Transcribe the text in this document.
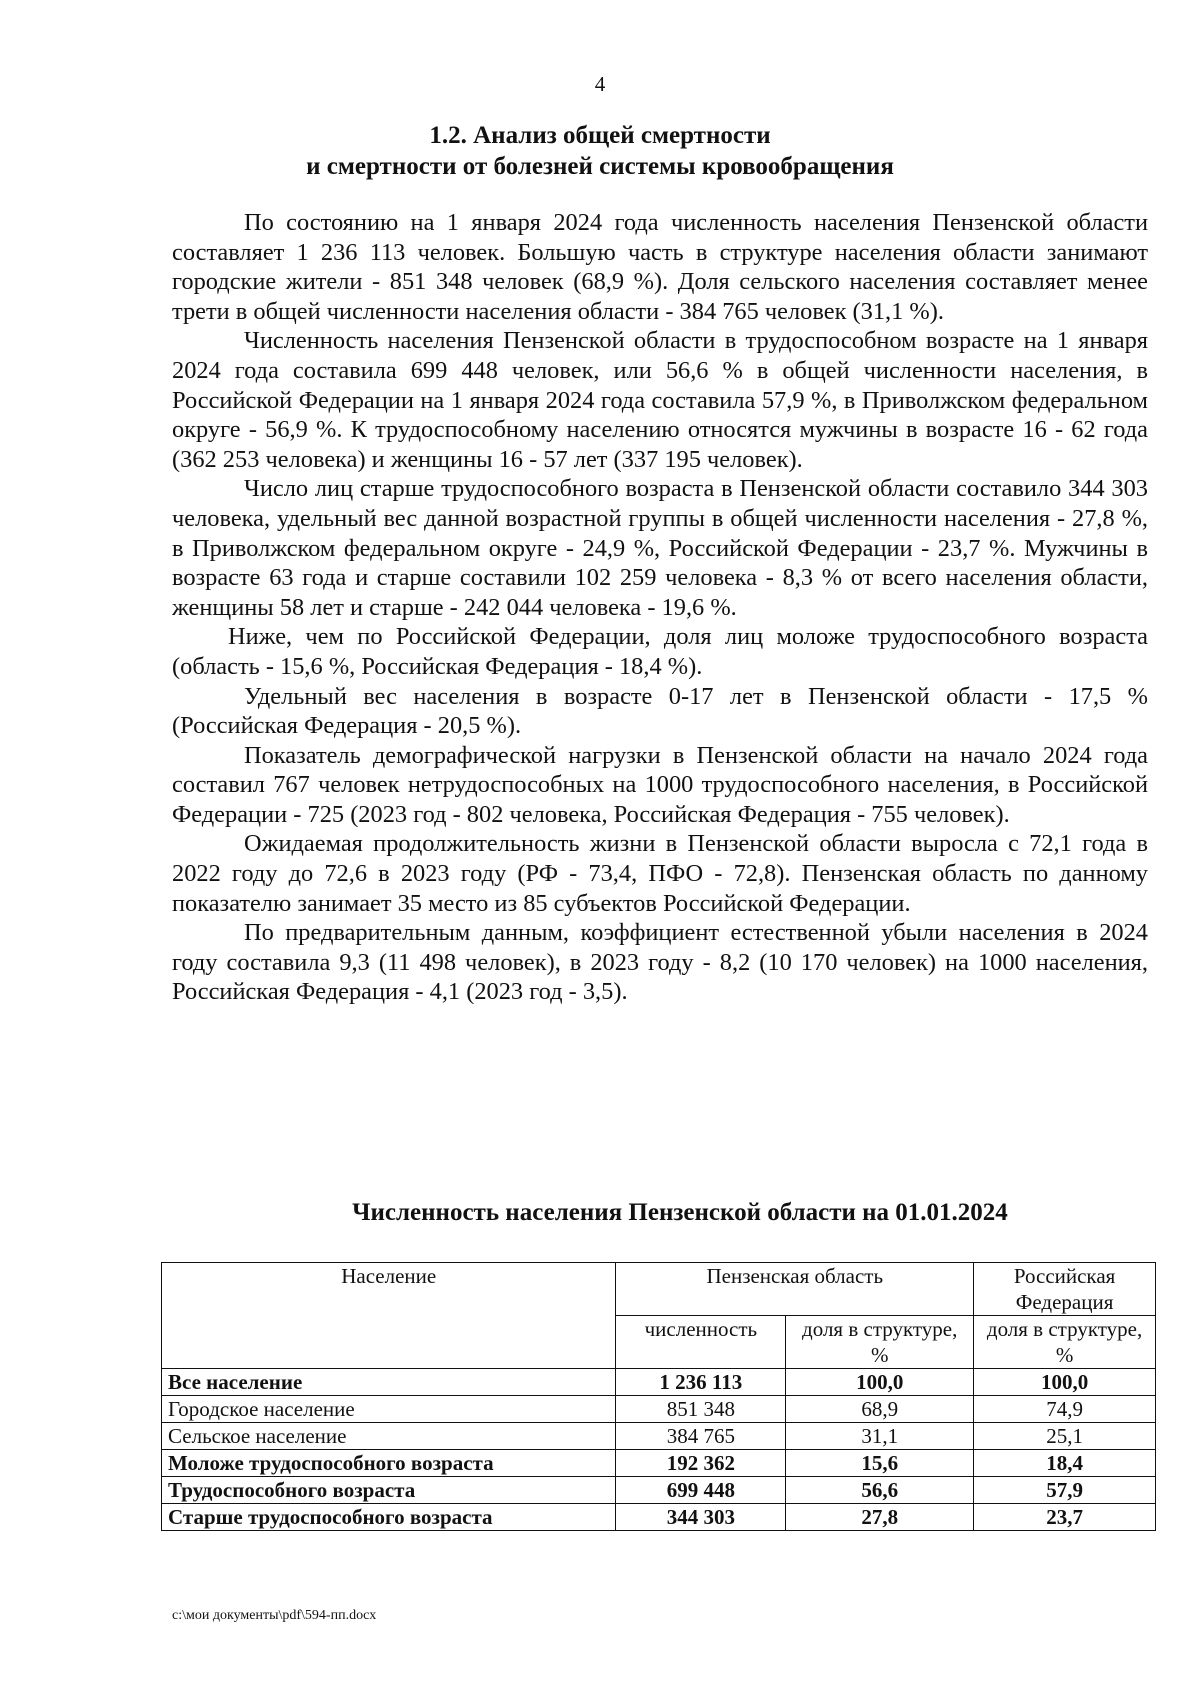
4
1.2. Анализ общей смертности
и смертности от болезней системы кровообращения

По состоянию на 1 января 2024 года численность населения Пензенской области составляет 1 236 113 человек. Большую часть в структуре населения области занимают городские жители - 851 348 человек (68,9 %). Доля сельского населения составляет менее трети в общей численности населения области - 384 765 человек (31,1 %).

Численность населения Пензенской области в трудоспособном возрасте на 1 января 2024 года составила 699 448 человек, или 56,6 % в общей численности населения, в Российской Федерации на 1 января 2024 года составила 57,9 %, в Приволжском федеральном округе - 56,9 %. К трудоспособному населению относятся мужчины в возрасте 16 - 62 года (362 253 человека) и женщины 16 - 57 лет (337 195 человек).

Число лиц старше трудоспособного возраста в Пензенской области составило 344 303 человека, удельный вес данной возрастной группы в общей численности населения - 27,8 %, в Приволжском федеральном округе - 24,9 %, Российской Федерации - 23,7 %. Мужчины в возрасте 63 года и старше составили 102 259 человека - 8,3 % от всего населения области, женщины 58 лет и старше - 242 044 человека - 19,6 %.

Ниже, чем по Российской Федерации, доля лиц моложе трудоспособного возраста (область - 15,6 %, Российская Федерация - 18,4 %).

Удельный вес населения в возрасте 0-17 лет в Пензенской области - 17,5 % (Российская Федерация - 20,5 %).

Показатель демографической нагрузки в Пензенской области на начало 2024 года составил 767 человек нетрудоспособных на 1000 трудоспособного населения, в Российской Федерации - 725 (2023 год - 802 человека, Российская Федерация - 755 человек).

Ожидаемая продолжительность жизни в Пензенской области выросла с 72,1 года в 2022 году до 72,6 в 2023 году (РФ - 73,4, ПФО - 72,8). Пензенская область по данному показателю занимает 35 место из 85 субъектов Российской Федерации.

По предварительным данным, коэффициент естественной убыли населения в 2024 году составила 9,3 (11 498 человек), в 2023 году - 8,2 (10 170 человек) на 1000 населения, Российская Федерация - 4,1 (2023 год - 3,5).

Численность населения Пензенской области на 01.01.2024
Население	Пензенская область		Российская Федерация
	численность	доля в структуре, %	доля в структуре, %
Все население	1 236 113	100,0	100,0
Городское население	851 348	68,9	74,9
Сельское население	384 765	31,1	25,1
Моложе трудоспособного возраста	192 362	15,6	18,4
Трудоспособного возраста	699 448	56,6	57,9
Старше трудоспособного возраста	344 303	27,8	23,7
c:\мои документы\pdf\594-пп.docx
